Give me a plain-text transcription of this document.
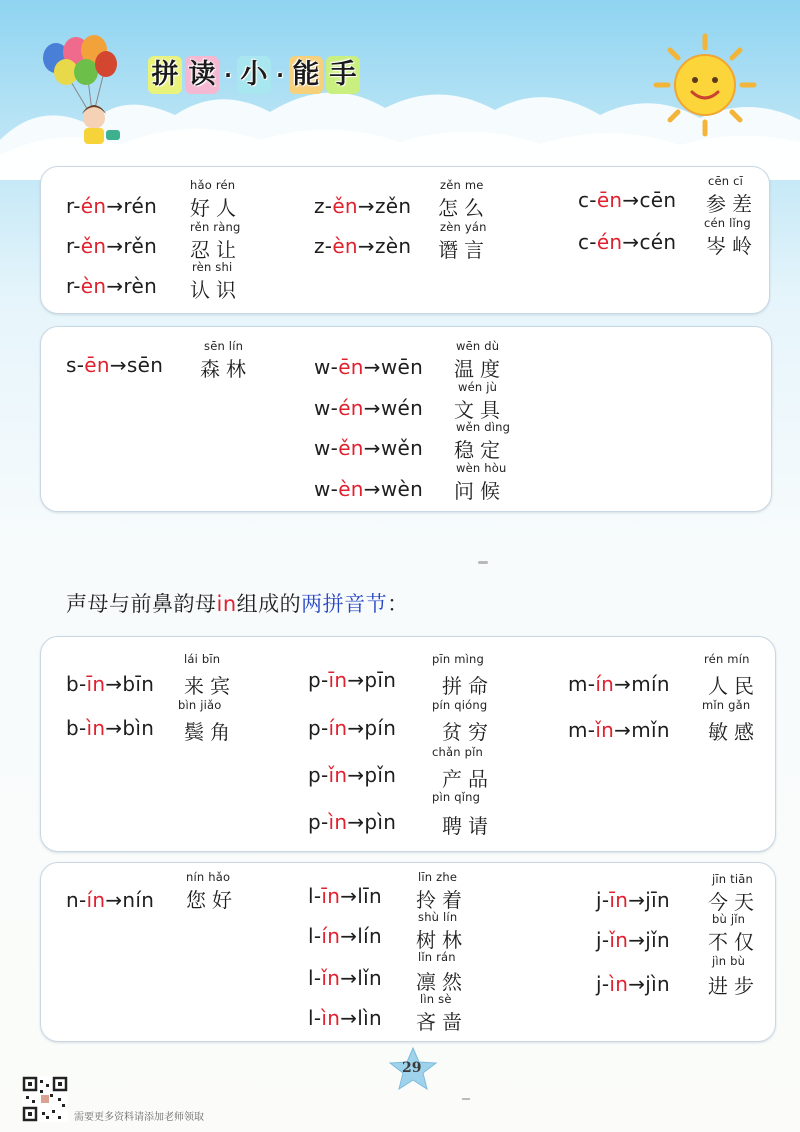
拼 读 · 小 · 能 手
hǎo rén
r-én→rén 好人
rěn ràng
r-ěn→rěn 忍让
rèn shi
r-èn→rèn 认识
zěn me
z-ěn→zěn 怎么
zèn yán
z-èn→zèn 谮言
cēn cī
c-ēn→cēn 参差
cén lǐng
c-én→cén 岑岭
sēn lín
s-ēn→sēn 森林
wēn dù
w-ēn→wēn 温度
wén jù
w-én→wén 文具
wěn dìng
w-ěn→wěn 稳定
wèn hòu
w-èn→wèn 问候
声母与前鼻韵母in组成的两拼音节：
lái bīn
b-īn→bīn 来宾
bìn jiǎo
b-ìn→bìn 鬓角
pīn mìng
p-īn→pīn 拼命
pín qióng
p-ín→pín 贫穷
chǎn pǐn
p-ǐn→pǐn 产品
pìn qǐng
p-ìn→pìn 聘请
rén mín
m-ín→mín 人民
mǐn gǎn
m-ǐn→mǐn 敏感
nín hǎo
n-ín→nín 您好
līn zhe
l-īn→līn 拎着
shù lín
l-ín→lín 树林
lǐn rán
l-ǐn→lǐn 凛然
lìn sè
l-ìn→lìn 吝啬
jīn tiān
j-īn→jīn 今天
bù jǐn
j-ǐn→jǐn 不仅
jìn bù
j-ìn→jìn 进步
29
需要更多资料请添加老师领取
